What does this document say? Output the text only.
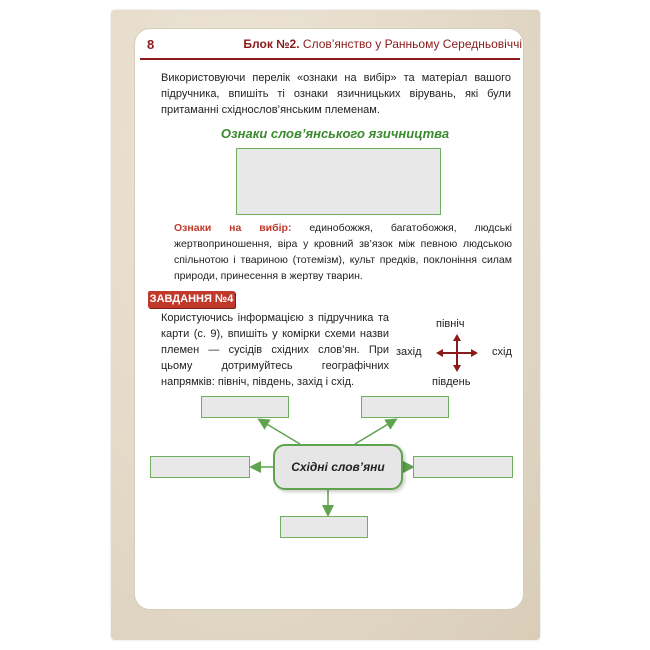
8	Блок №2. Слов’янство у Ранньому Середньовіччі
Використовуючи перелік «ознаки на вибір» та матеріал вашого підручника, впишіть ті ознаки язичницьких вірувань, які були притаманні східнослов’янським племенам.
Ознаки слов’янського язичництва
Ознаки на вибір: единобожжя, багатобожжя, людські жертвоприношення, віра у кровний зв’язок між певною людською спільнотою і твариною (тотемізм), культ предків, поклоніння силам природи, принесення в жертву тварин.
ЗАВДАННЯ №4
Користуючись інформацією з підручника та карти (с. 9), впишіть у комірки схеми назви племен — сусідів східних слов’ян. При цьому дотримуйтесь географічних напрямків: північ, південь, захід і схід.
північ
захід	схід
південь
Східні слов’яни
